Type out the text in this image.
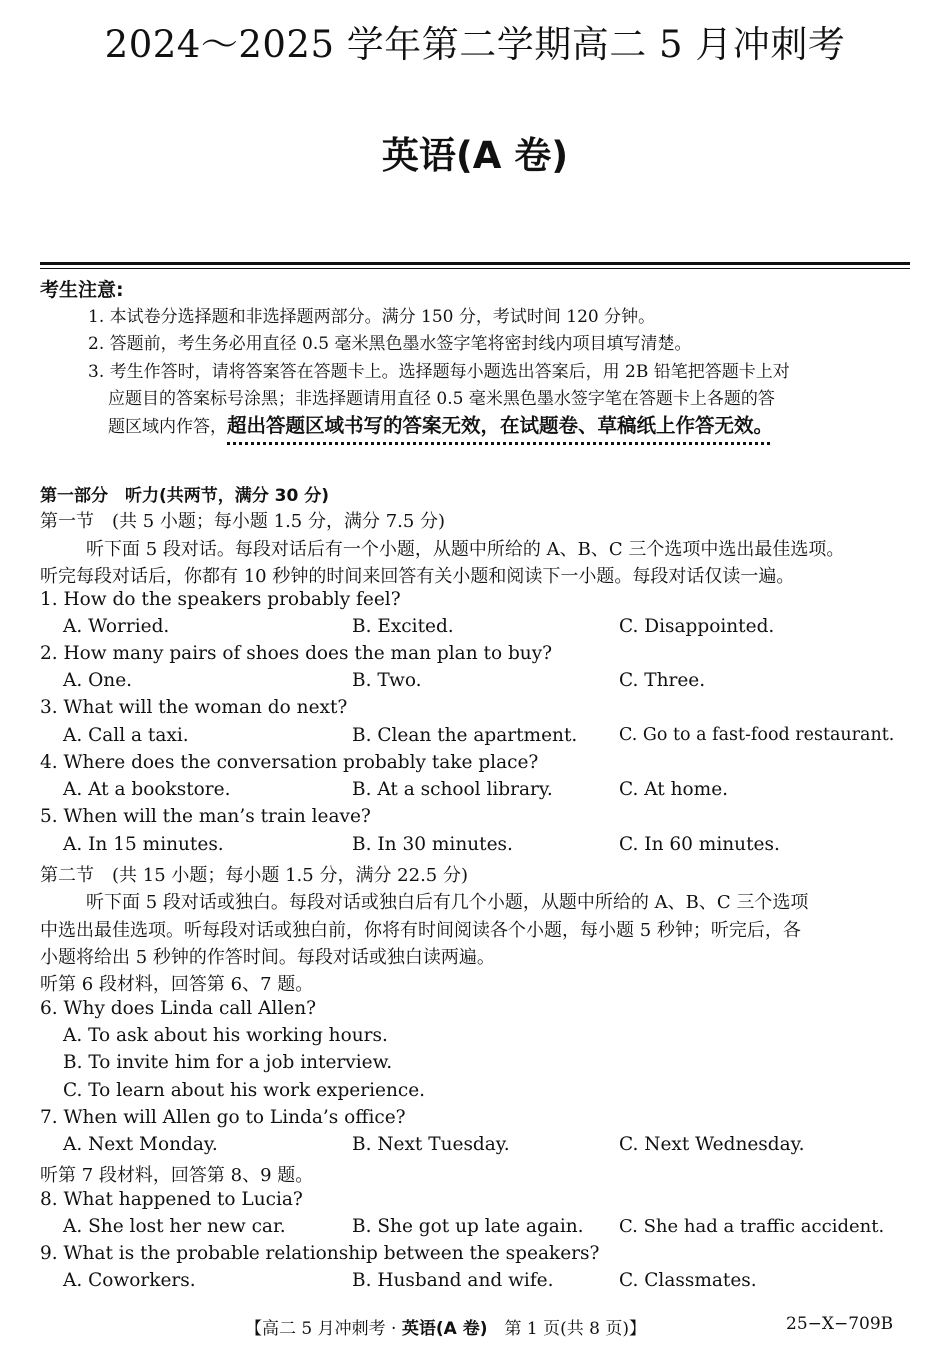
2024～2025 学年第二学期高二 5 月冲刺考
英语(A 卷)
考生注意:
1. 本试卷分选择题和非选择题两部分。满分 150 分，考试时间 120 分钟。
2. 答题前，考生务必用直径 0.5 毫米黑色墨水签字笔将密封线内项目填写清楚。
3. 考生作答时，请将答案答在答题卡上。选择题每小题选出答案后，用 2B 铅笔把答题卡上对
应题目的答案标号涂黑；非选择题请用直径 0.5 毫米黑色墨水签字笔在答题卡上各题的答
题区域内作答，超出答题区域书写的答案无效，在试题卷、草稿纸上作答无效。
第一部分　听力(共两节，满分 30 分)
第一节　(共 5 小题；每小题 1.5 分，满分 7.5 分)
听下面 5 段对话。每段对话后有一个小题，从题中所给的 A、B、C 三个选项中选出最佳选项。
听完每段对话后，你都有 10 秒钟的时间来回答有关小题和阅读下一小题。每段对话仅读一遍。
1. How do the speakers probably feel?
A. Worried.	B. Excited.	C. Disappointed.
2. How many pairs of shoes does the man plan to buy?
A. One.	B. Two.	C. Three.
3. What will the woman do next?
A. Call a taxi.	B. Clean the apartment. C. Go to a fast-food restaurant.
4. Where does the conversation probably take place?
A. At a bookstore.	B. At a school library.	C. At home.
5. When will the man’s train leave?
A. In 15 minutes.	B. In 30 minutes.	C. In 60 minutes.
第二节　(共 15 小题；每小题 1.5 分，满分 22.5 分)
听下面 5 段对话或独白。每段对话或独白后有几个小题，从题中所给的 A、B、C 三个选项
中选出最佳选项。听每段对话或独白前，你将有时间阅读各个小题，每小题 5 秒钟；听完后，各
小题将给出 5 秒钟的作答时间。每段对话或独白读两遍。
听第 6 段材料，回答第 6、7 题。
6. Why does Linda call Allen?
A. To ask about his working hours.
B. To invite him for a job interview.
C. To learn about his work experience.
7. When will Allen go to Linda’s office?
A. Next Monday.	B. Next Tuesday.	C. Next Wednesday.
听第 7 段材料，回答第 8、9 题。
8. What happened to Lucia?
A. She lost her new car.	B. She got up late again. C. She had a traffic accident.
9. What is the probable relationship between the speakers?
A. Coworkers.	B. Husband and wife.	C. Classmates.
【高二 5 月冲刺考 · 英语(A 卷)　第 1 页(共 8 页)】	25−X−709B
